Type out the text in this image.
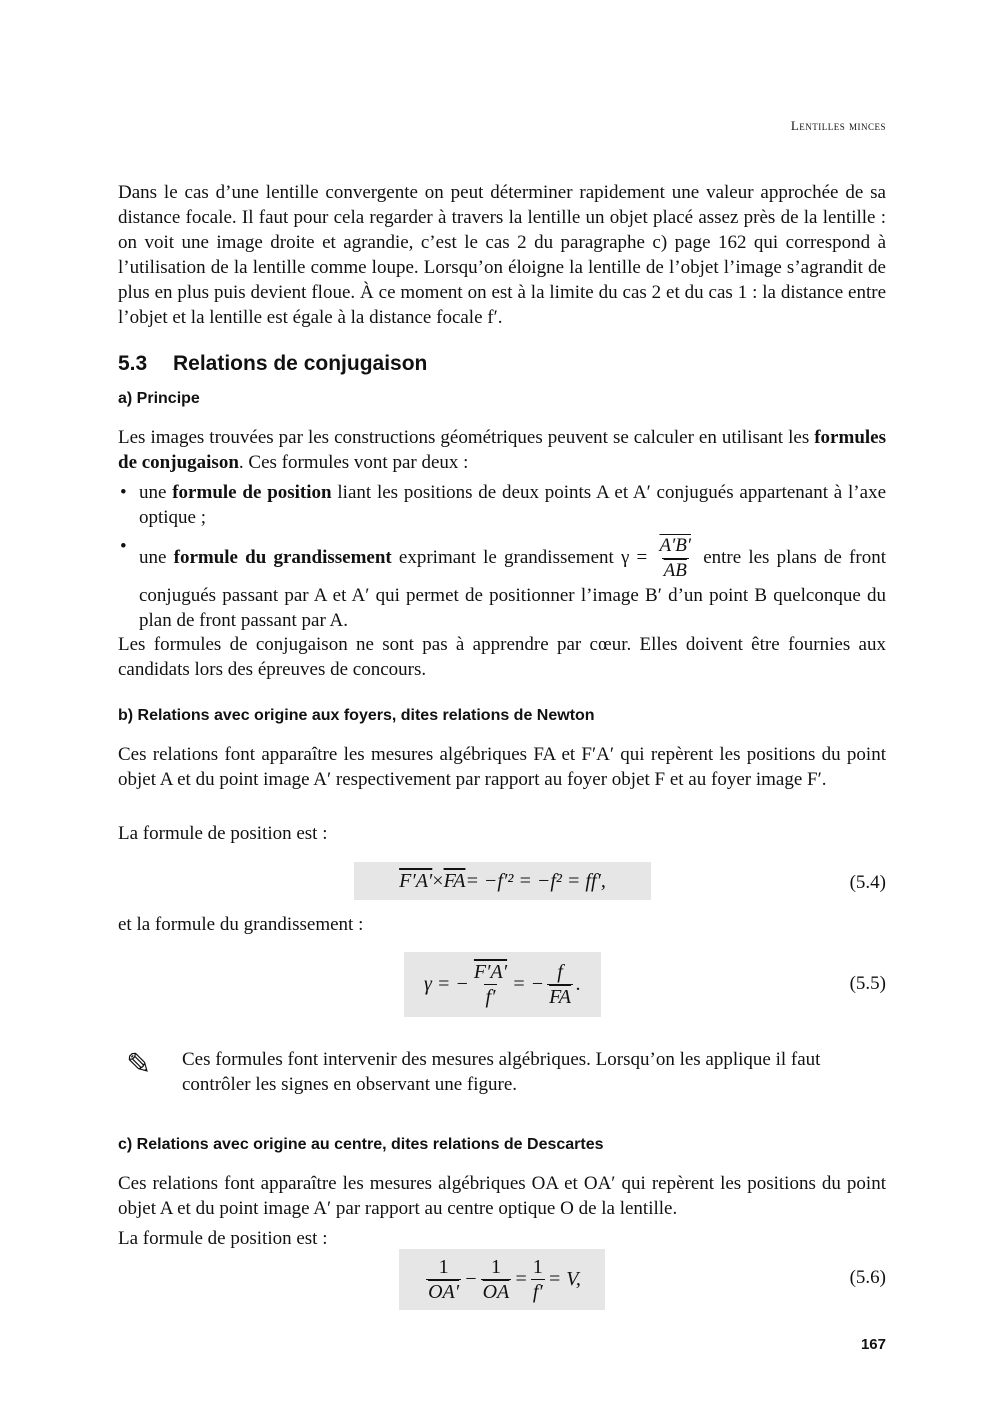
Lentilles minces

Dans le cas d’une lentille convergente on peut déterminer rapidement une valeur approchée de sa distance focale. Il faut pour cela regarder à travers la lentille un objet placé assez près de la lentille : on voit une image droite et agrandie, c’est le cas 2 du paragraphe c) page 162 qui correspond à l’utilisation de la lentille comme loupe. Lorsqu’on éloigne la lentille de l’objet l’image s’agrandit de plus en plus puis devient floue. À ce moment on est à la limite du cas 2 et du cas 1 : la distance entre l’objet et la lentille est égale à la distance focale f′.

5.3 Relations de conjugaison
a) Principe

Les images trouvées par les constructions géométriques peuvent se calculer en utilisant les formules de conjugaison. Ces formules vont par deux :

• une formule de position liant les positions de deux points A et A′ conjugués appartenant à l’axe optique ;
• une formule du grandissement exprimant le grandissement $\gamma = \frac{A'B'}{AB}$ entre les plans de front conjugués passant par A et A′ qui permet de positionner l’image B′ d’un point B quelconque du plan de front passant par A.

Les formules de conjugaison ne sont pas à apprendre par cœur. Elles doivent être fournies aux candidats lors des épreuves de concours.

b) Relations avec origine aux foyers, dites relations de Newton

Ces relations font apparaître les mesures algébriques FA et F′A′ qui repèrent les positions du point objet A et du point image A′ respectivement par rapport au foyer objet F et au foyer image F′.

La formule de position est :

$F'A' \times \overline{FA} = -f'^2 = -f^2 = ff'$,	(5.4)

et la formule du grandissement :

γ = − $\frac{F'A'}{f'}$ = − $\frac{f}{FA}$ .	(5.5)
✎ Ces formules font intervenir des mesures algébriques. Lorsqu’on les applique il faut contrôler les signes en observant une figure.
c) Relations avec origine au centre, dites relations de Descartes

Ces relations font apparaître les mesures algébriques OA et OA′ qui repèrent les positions du point objet A et du point image A′ par rapport au centre optique O de la lentille.

La formule de position est :

$\frac{1}{OA'} - \frac{1}{OA} = \frac{1}{f'} = V$,	(5.6)
167
